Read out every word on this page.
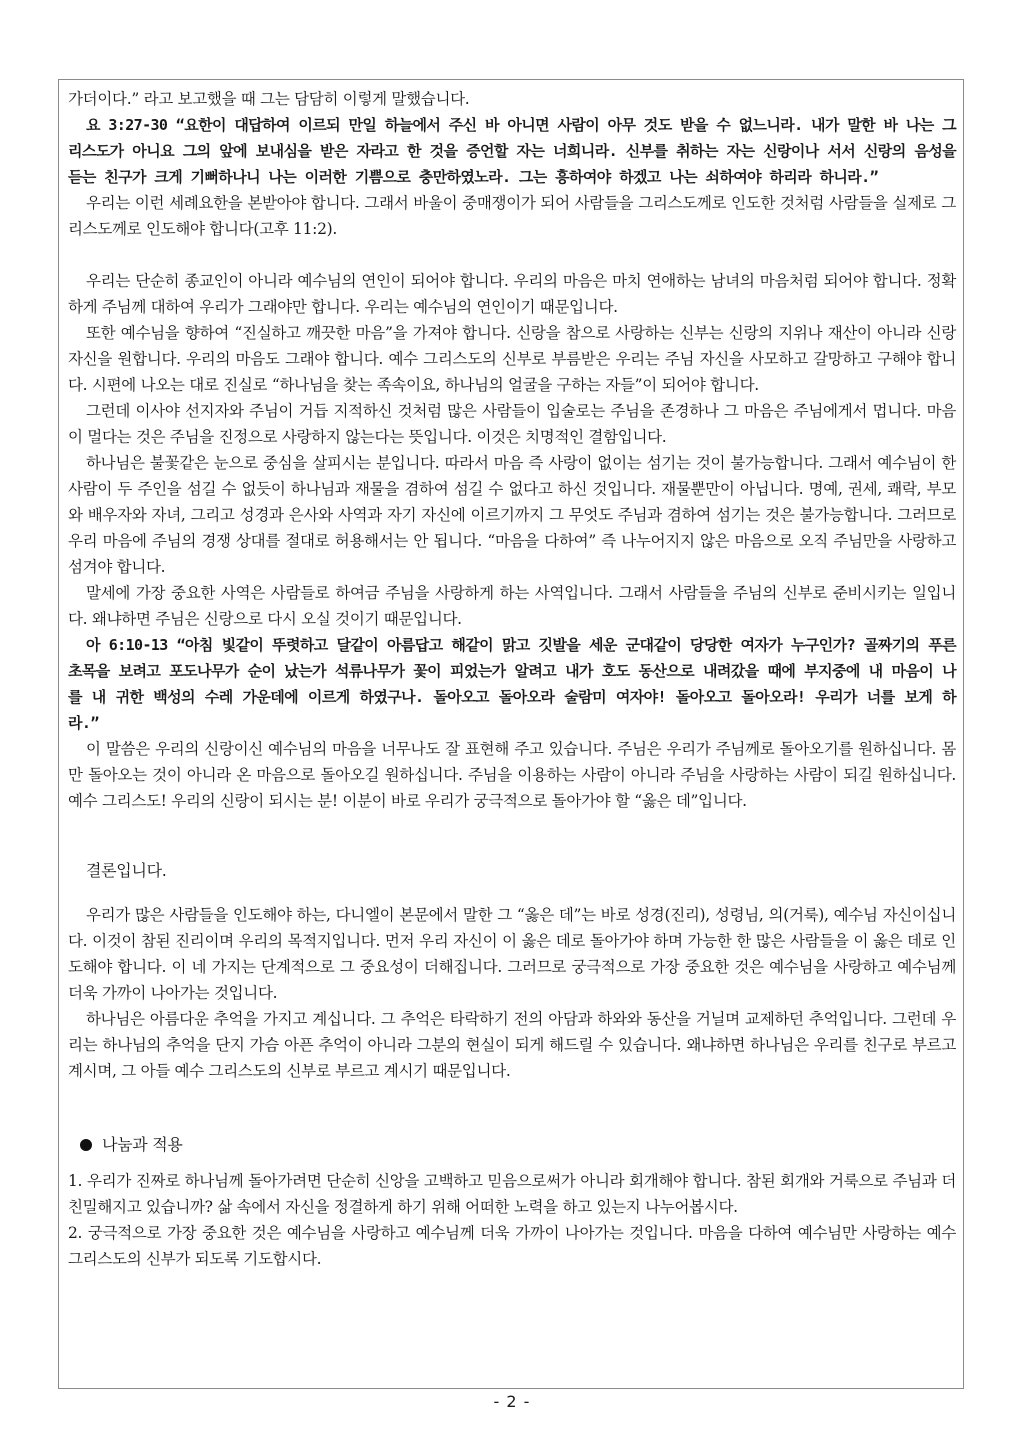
가더이다.” 라고 보고했을 때 그는 담담히 이렇게 말했습니다.

요 3:27-30 “요한이 대답하여 이르되 만일 하늘에서 주신 바 아니면 사람이 아무 것도 받을 수 없느니라. 내가 말한 바 나는 그리스도가 아니요 그의 앞에 보내심을 받은 자라고 한 것을 증언할 자는 너희니라. 신부를 취하는 자는 신랑이나 서서 신랑의 음성을 듣는 친구가 크게 기뻐하나니 나는 이러한 기쁨으로 충만하였노라. 그는 흥하여야 하겠고 나는 쇠하여야 하리라 하니라.”

우리는 이런 세례요한을 본받아야 합니다. 그래서 바울이 중매쟁이가 되어 사람들을 그리스도께로 인도한 것처럼 사람들을 실제로 그리스도께로 인도해야 합니다(고후 11:2).

우리는 단순히 종교인이 아니라 예수님의 연인이 되어야 합니다. 우리의 마음은 마치 연애하는 남녀의 마음처럼 되어야 합니다. 정확하게 주님께 대하여 우리가 그래야만 합니다. 우리는 예수님의 연인이기 때문입니다.

또한 예수님을 향하여 “진실하고 깨끗한 마음”을 가져야 합니다. 신랑을 참으로 사랑하는 신부는 신랑의 지위나 재산이 아니라 신랑 자신을 원합니다. 우리의 마음도 그래야 합니다. 예수 그리스도의 신부로 부름받은 우리는 주님 자신을 사모하고 갈망하고 구해야 합니다. 시편에 나오는 대로 진실로 “하나님을 찾는 족속이요, 하나님의 얼굴을 구하는 자들”이 되어야 합니다.

그런데 이사야 선지자와 주님이 거듭 지적하신 것처럼 많은 사람들이 입술로는 주님을 존경하나 그 마음은 주님에게서 멉니다. 마음이 멀다는 것은 주님을 진정으로 사랑하지 않는다는 뜻입니다. 이것은 치명적인 결함입니다.

하나님은 불꽃같은 눈으로 중심을 살피시는 분입니다. 따라서 마음 즉 사랑이 없이는 섬기는 것이 불가능합니다. 그래서 예수님이 한 사람이 두 주인을 섬길 수 없듯이 하나님과 재물을 겸하여 섬길 수 없다고 하신 것입니다. 재물뿐만이 아닙니다. 명예, 권세, 쾌락, 부모와 배우자와 자녀, 그리고 성경과 은사와 사역과 자기 자신에 이르기까지 그 무엇도 주님과 겸하여 섬기는 것은 불가능합니다. 그러므로 우리 마음에 주님의 경쟁 상대를 절대로 허용해서는 안 됩니다. “마음을 다하여” 즉 나누어지지 않은 마음으로 오직 주님만을 사랑하고 섬겨야 합니다.

말세에 가장 중요한 사역은 사람들로 하여금 주님을 사랑하게 하는 사역입니다. 그래서 사람들을 주님의 신부로 준비시키는 일입니다. 왜냐하면 주님은 신랑으로 다시 오실 것이기 때문입니다.

아 6:10-13 “아침 빛같이 뚜렷하고 달같이 아름답고 해같이 맑고 깃발을 세운 군대같이 당당한 여자가 누구인가? 골짜기의 푸른 초목을 보려고 포도나무가 순이 났는가 석류나무가 꽃이 피었는가 알려고 내가 호도 동산으로 내려갔을 때에 부지중에 내 마음이 나를 내 귀한 백성의 수레 가운데에 이르게 하였구나. 돌아오고 돌아오라 술람미 여자야! 돌아오고 돌아오라! 우리가 너를 보게 하라.”

이 말씀은 우리의 신랑이신 예수님의 마음을 너무나도 잘 표현해 주고 있습니다. 주님은 우리가 주님께로 돌아오기를 원하십니다. 몸만 돌아오는 것이 아니라 온 마음으로 돌아오길 원하십니다. 주님을 이용하는 사람이 아니라 주님을 사랑하는 사람이 되길 원하십니다. 예수 그리스도! 우리의 신랑이 되시는 분! 이분이 바로 우리가 궁극적으로 돌아가야 할 “옳은 데”입니다.

결론입니다.

우리가 많은 사람들을 인도해야 하는, 다니엘이 본문에서 말한 그 “옳은 데”는 바로 성경(진리), 성령님, 의(거룩), 예수님 자신이십니다. 이것이 참된 진리이며 우리의 목적지입니다. 먼저 우리 자신이 이 옳은 데로 돌아가야 하며 가능한 한 많은 사람들을 이 옳은 데로 인도해야 합니다. 이 네 가지는 단계적으로 그 중요성이 더해집니다. 그러므로 궁극적으로 가장 중요한 것은 예수님을 사랑하고 예수님께 더욱 가까이 나아가는 것입니다.

하나님은 아름다운 추억을 가지고 계십니다. 그 추억은 타락하기 전의 아담과 하와와 동산을 거닐며 교제하던 추억입니다. 그런데 우리는 하나님의 추억을 단지 가슴 아픈 추억이 아니라 그분의 현실이 되게 해드릴 수 있습니다. 왜냐하면 하나님은 우리를 친구로 부르고 계시며, 그 아들 예수 그리스도의 신부로 부르고 계시기 때문입니다.

나눔과 적용

1. 우리가 진짜로 하나님께 돌아가려면 단순히 신앙을 고백하고 믿음으로써가 아니라 회개해야 합니다. 참된 회개와 거룩으로 주님과 더 친밀해지고 있습니까? 삶 속에서 자신을 정결하게 하기 위해 어떠한 노력을 하고 있는지 나누어봅시다.

2. 궁극적으로 가장 중요한 것은 예수님을 사랑하고 예수님께 더욱 가까이 나아가는 것입니다. 마음을 다하여 예수님만 사랑하는 예수 그리스도의 신부가 되도록 기도합시다.

- 2 -
